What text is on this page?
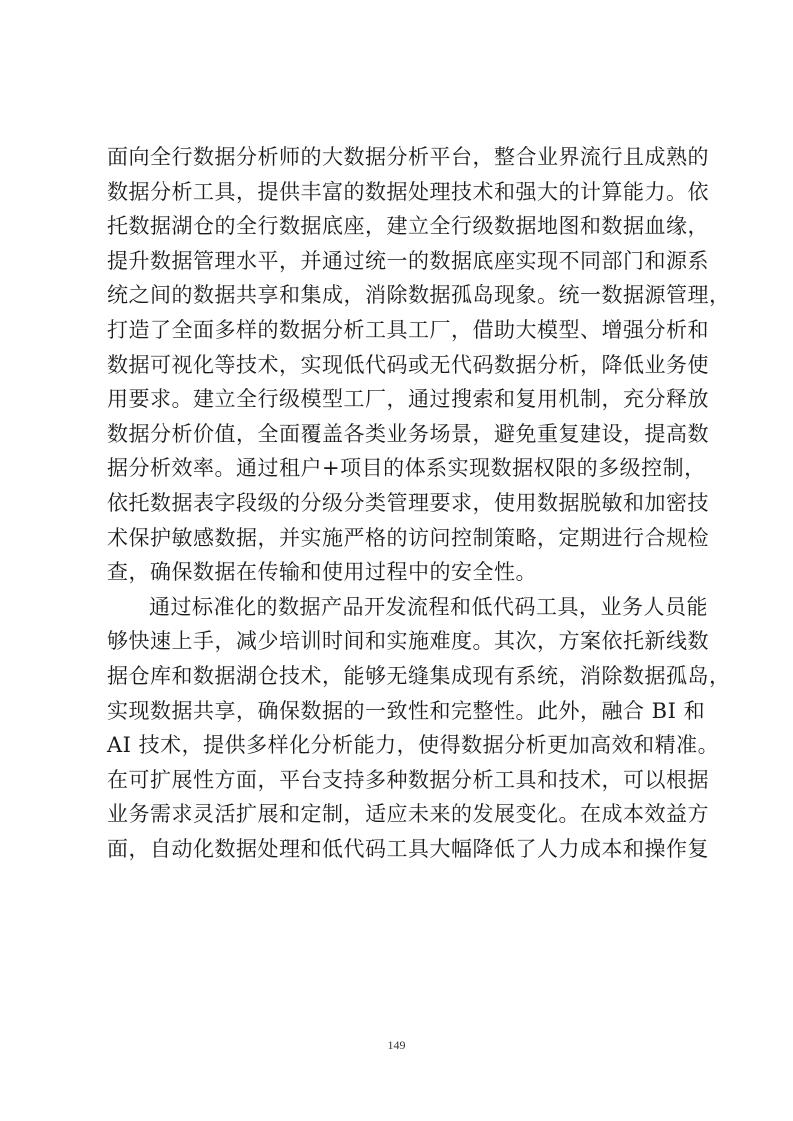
面向全行数据分析师的大数据分析平台，整合业界流行且成熟的
数据分析工具，提供丰富的数据处理技术和强大的计算能力。依
托数据湖仓的全行数据底座，建立全行级数据地图和数据血缘，
提升数据管理水平，并通过统一的数据底座实现不同部门和源系
统之间的数据共享和集成，消除数据孤岛现象。统一数据源管理，
打造了全面多样的数据分析工具工厂，借助大模型、增强分析和
数据可视化等技术，实现低代码或无代码数据分析，降低业务使
用要求。建立全行级模型工厂，通过搜索和复用机制，充分释放
数据分析价值，全面覆盖各类业务场景，避免重复建设，提高数
据分析效率。通过租户+项目的体系实现数据权限的多级控制，
依托数据表字段级的分级分类管理要求，使用数据脱敏和加密技
术保护敏感数据，并实施严格的访问控制策略，定期进行合规检
查，确保数据在传输和使用过程中的安全性。
通过标准化的数据产品开发流程和低代码工具，业务人员能
够快速上手，减少培训时间和实施难度。其次，方案依托新线数
据仓库和数据湖仓技术，能够无缝集成现有系统，消除数据孤岛，
实现数据共享，确保数据的一致性和完整性。此外，融合 BI 和
AI 技术，提供多样化分析能力，使得数据分析更加高效和精准。
在可扩展性方面，平台支持多种数据分析工具和技术，可以根据
业务需求灵活扩展和定制，适应未来的发展变化。在成本效益方
面，自动化数据处理和低代码工具大幅降低了人力成本和操作复
149
